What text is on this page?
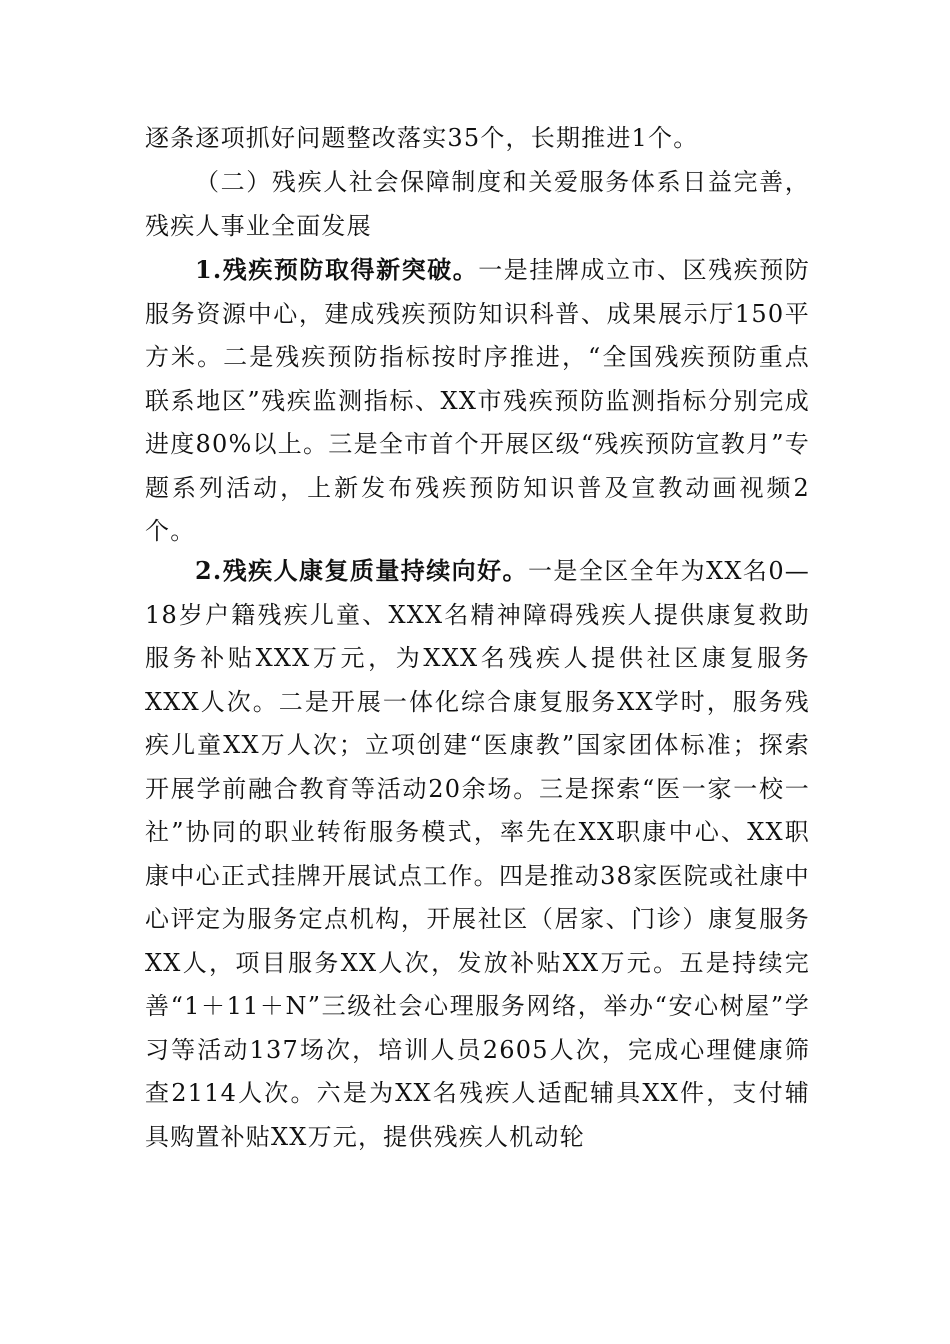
逐条逐项抓好问题整改落实35个，长期推进1个。

（二）残疾人社会保障制度和关爱服务体系日益完善，残疾人事业全面发展

1.残疾预防取得新突破。一是挂牌成立市、区残疾预防服务资源中心，建成残疾预防知识科普、成果展示厅150平方米。二是残疾预防指标按时序推进，“全国残疾预防重点联系地区”残疾监测指标、XX市残疾预防监测指标分别完成进度80%以上。三是全市首个开展区级“残疾预防宣教月”专题系列活动，上新发布残疾预防知识普及宣教动画视频2个。

2.残疾人康复质量持续向好。一是全区全年为XX名0—18岁户籍残疾儿童、XXX名精神障碍残疾人提供康复救助服务补贴XXX万元，为XXX名残疾人提供社区康复服务XXX人次。二是开展一体化综合康复服务XX学时，服务残疾儿童XX万人次；立项创建“医康教”国家团体标准；探索开展学前融合教育等活动20余场。三是探索“医一家一校一社”协同的职业转衔服务模式，率先在XX职康中心、XX职康中心正式挂牌开展试点工作。四是推动38家医院或社康中心评定为服务定点机构，开展社区（居家、门诊）康复服务XX人，项目服务XX人次，发放补贴XX万元。五是持续完善“1＋11＋N”三级社会心理服务网络，举办“安心树屋”学习等活动137场次，培训人员2605人次，完成心理健康筛查2114人次。六是为XX名残疾人适配辅具XX件，支付辅具购置补贴XX万元，提供残疾人机动轮
